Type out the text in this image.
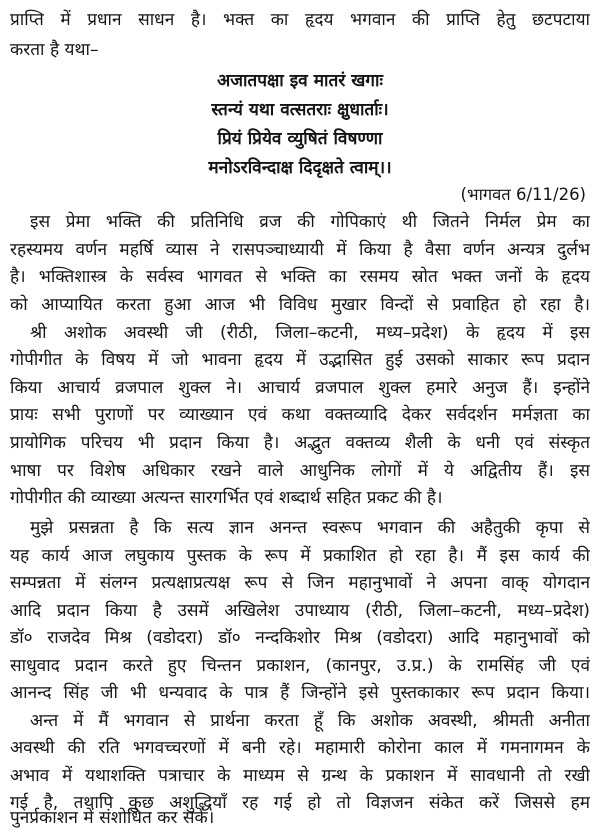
प्राप्ति में प्रधान साधन है। भक्त का हृदय भगवान की प्राप्ति हेतु छटपटाया
करता है यथा–
अजातपक्षा इव मातरं खगाः
स्तन्यं यथा वत्सतराः क्षुधार्ताः।
प्रियं प्रियेव व्युषितं विषण्णा
मनोऽरविन्दाक्ष दिदृक्षते त्वाम्।।
(भागवत 6/11/26)
इस प्रेमा भक्ति की प्रतिनिधि व्रज की गोपिकाएं थी जितने निर्मल प्रेम का
रहस्यमय वर्णन महर्षि व्यास ने रासपञ्चाध्यायी में किया है वैसा वर्णन अन्यत्र दुर्लभ
है। भक्तिशास्त्र के सर्वस्व भागवत से भक्ति का रसमय स्रोत भक्त जनों के हृदय
को आप्यायित करता हुआ आज भी विविध मुखार विन्दों से प्रवाहित हो रहा है।
श्री अशोक अवस्थी जी (रीठी, जिला–कटनी, मध्य–प्रदेश) के हृदय में इस
गोपीगीत के विषय में जो भावना हृदय में उद्भासित हुई उसको साकार रूप प्रदान
किया आचार्य व्रजपाल शुक्ल ने। आचार्य व्रजपाल शुक्ल हमारे अनुज हैं। इन्होंने
प्रायः सभी पुराणों पर व्याख्यान एवं कथा वक्तव्यादि देकर सर्वदर्शन मर्मज्ञता का
प्रायोगिक परिचय भी प्रदान किया है। अद्भुत वक्तव्य शैली के धनी एवं संस्कृत
भाषा पर विशेष अधिकार रखने वाले आधुनिक लोगों में ये अद्वितीय हैं। इस
गोपीगीत की व्याख्या अत्यन्त सारगर्भित एवं शब्दार्थ सहित प्रकट की है।
मुझे प्रसन्नता है कि सत्य ज्ञान अनन्त स्वरूप भगवान की अहैतुकी कृपा से
यह कार्य आज लघुकाय पुस्तक के रूप में प्रकाशित हो रहा है। मैं इस कार्य की
सम्पन्नता में संलग्न प्रत्यक्षाप्रत्यक्ष रूप से जिन महानुभावों ने अपना वाक् योगदान
आदि प्रदान किया है उसमें अखिलेश उपाध्याय (रीठी, जिला–कटनी, मध्य–प्रदेश)
डॉ० राजदेव मिश्र (वडोदरा) डॉ० नन्दकिशोर मिश्र (वडोदरा) आदि महानुभावों को
साधुवाद प्रदान करते हुए चिन्तन प्रकाशन, (कानपुर, उ.प्र.) के रामसिंह जी एवं
आनन्द सिंह जी भी धन्यवाद के पात्र हैं जिन्होंने इसे पुस्तकाकार रूप प्रदान किया।
अन्त में मैं भगवान से प्रार्थना करता हूँ कि अशोक अवस्थी, श्रीमती अनीता
अवस्थी की रति भगवच्चरणों में बनी रहे। महामारी कोरोना काल में गमनागमन के
अभाव में यथाशक्ति पत्राचार के माध्यम से ग्रन्थ के प्रकाशन में सावधानी तो रखी
गई है, तथापि कुछ अशुद्धियाँ रह गई हो तो विज्ञजन संकेत करें जिससे हम
पुनर्प्रकाशन में संशोधित कर सकें।
